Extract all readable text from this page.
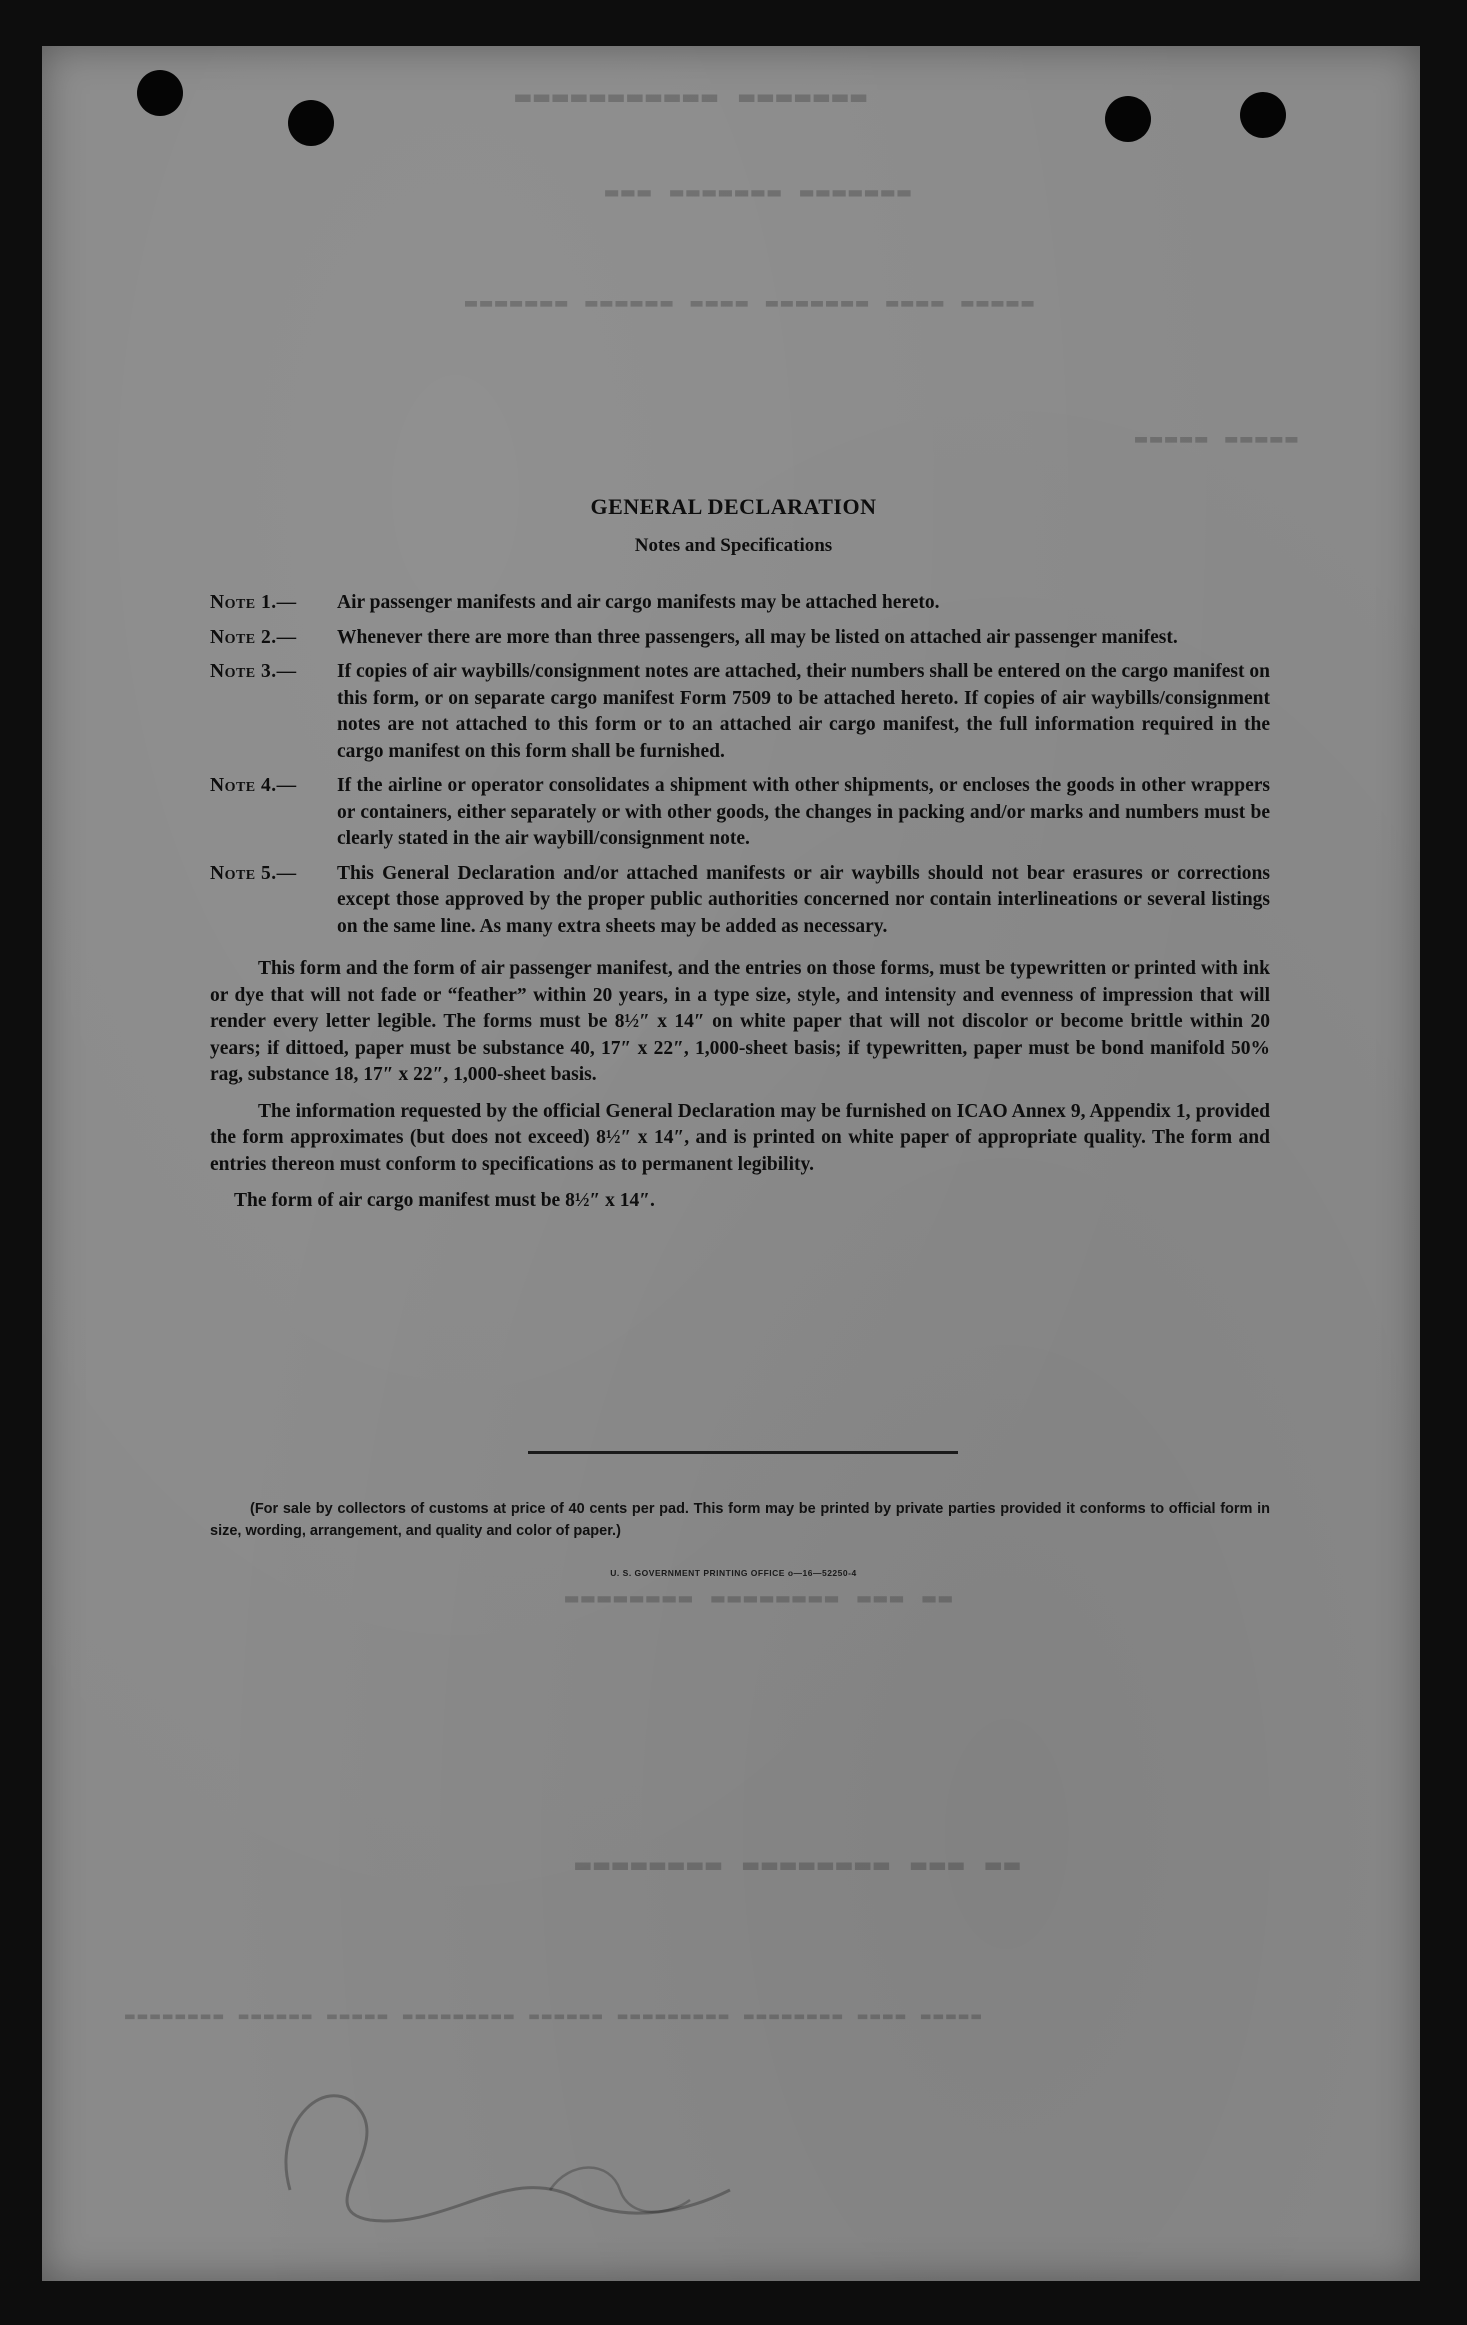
▬▬▬▬▬▬▬ ▬▬▬▬▬▬▬▬▬▬▬
▬▬▬▬▬▬▬ ▬▬▬▬▬▬▬ ▬▬▬
▬▬▬▬▬ ▬▬▬▬ ▬▬▬▬▬▬▬ ▬▬▬▬ ▬▬▬▬▬▬ ▬▬▬▬▬▬▬
▬▬▬▬▬ ▬▬▬▬▬
▬▬ ▬▬▬ ▬▬▬▬▬▬▬▬ ▬▬▬▬▬▬▬▬
▬▬ ▬▬▬ ▬▬▬▬▬▬▬▬ ▬▬▬▬▬▬▬▬
▬▬▬▬▬ ▬▬▬▬ ▬▬▬▬▬▬▬▬ ▬▬▬▬▬▬▬▬▬ ▬▬▬▬▬▬ ▬▬▬▬▬▬▬▬▬ ▬▬▬▬▬ ▬▬▬▬▬▬ ▬▬▬▬▬▬▬▬
GENERAL DECLARATION
Notes and Specifications
Note 1.— Air passenger manifests and air cargo manifests may be attached hereto.
Note 2.— Whenever there are more than three passengers, all may be listed on attached air passenger manifest.
Note 3.— If copies of air waybills/consignment notes are attached, their numbers shall be entered on the cargo manifest on this form, or on separate cargo manifest Form 7509 to be attached hereto. If copies of air waybills/consignment notes are not attached to this form or to an attached air cargo manifest, the full information required in the cargo manifest on this form shall be furnished.
Note 4.— If the airline or operator consolidates a shipment with other shipments, or encloses the goods in other wrappers or containers, either separately or with other goods, the changes in packing and/or marks and numbers must be clearly stated in the air waybill/consignment note.
Note 5.— This General Declaration and/or attached manifests or air waybills should not bear erasures or corrections except those approved by the proper public authorities concerned nor contain interlineations or several listings on the same line. As many extra sheets may be added as necessary.

This form and the form of air passenger manifest, and the entries on those forms, must be typewritten or printed with ink or dye that will not fade or “feather” within 20 years, in a type size, style, and intensity and evenness of impression that will render every letter legible. The forms must be 8½″ x 14″ on white paper that will not discolor or become brittle within 20 years; if dittoed, paper must be substance 40, 17″ x 22″, 1,000-sheet basis; if typewritten, paper must be bond manifold 50% rag, substance 18, 17″ x 22″, 1,000-sheet basis.

The information requested by the official General Declaration may be furnished on ICAO Annex 9, Appendix 1, provided the form approximates (but does not exceed) 8½″ x 14″, and is printed on white paper of appropriate quality. The form and entries thereon must conform to specifications as to permanent legibility.

The form of air cargo manifest must be 8½″ x 14″.

(For sale by collectors of customs at price of 40 cents per pad. This form may be printed by private parties provided it conforms to official form in size, wording, arrangement, and quality and color of paper.)
U. S. GOVERNMENT PRINTING OFFICE o—16—52250-4
